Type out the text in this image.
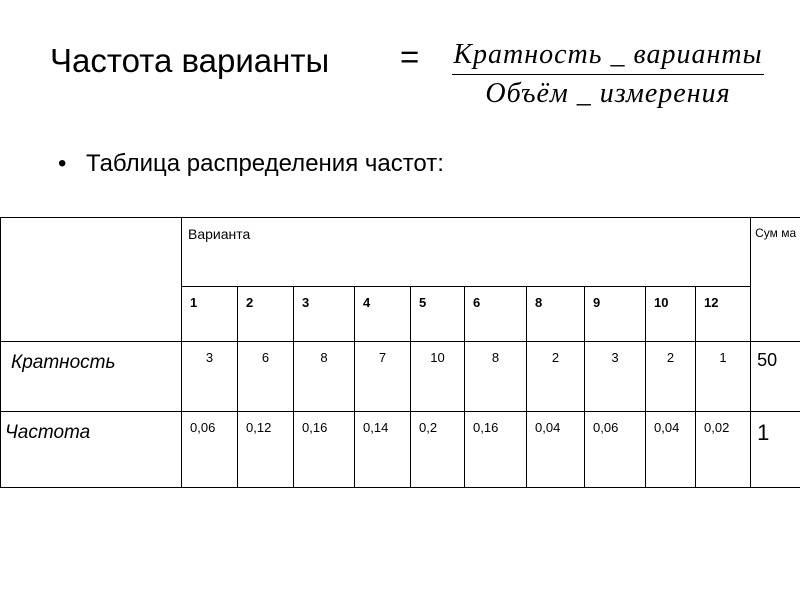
Частота варианты = Кратность _ варианты
Объём _ измерения
• Таблица распределения частот:
	Варианта										Сум ма
	1	2	3	4	5	6	8	9	10	12	
Кратность	3	6	8	7	10	8	2	3	2	1	50
Частота	0,06	0,12	0,16	0,14	0,2	0,16	0,04	0,06	0,04	0,02	1
